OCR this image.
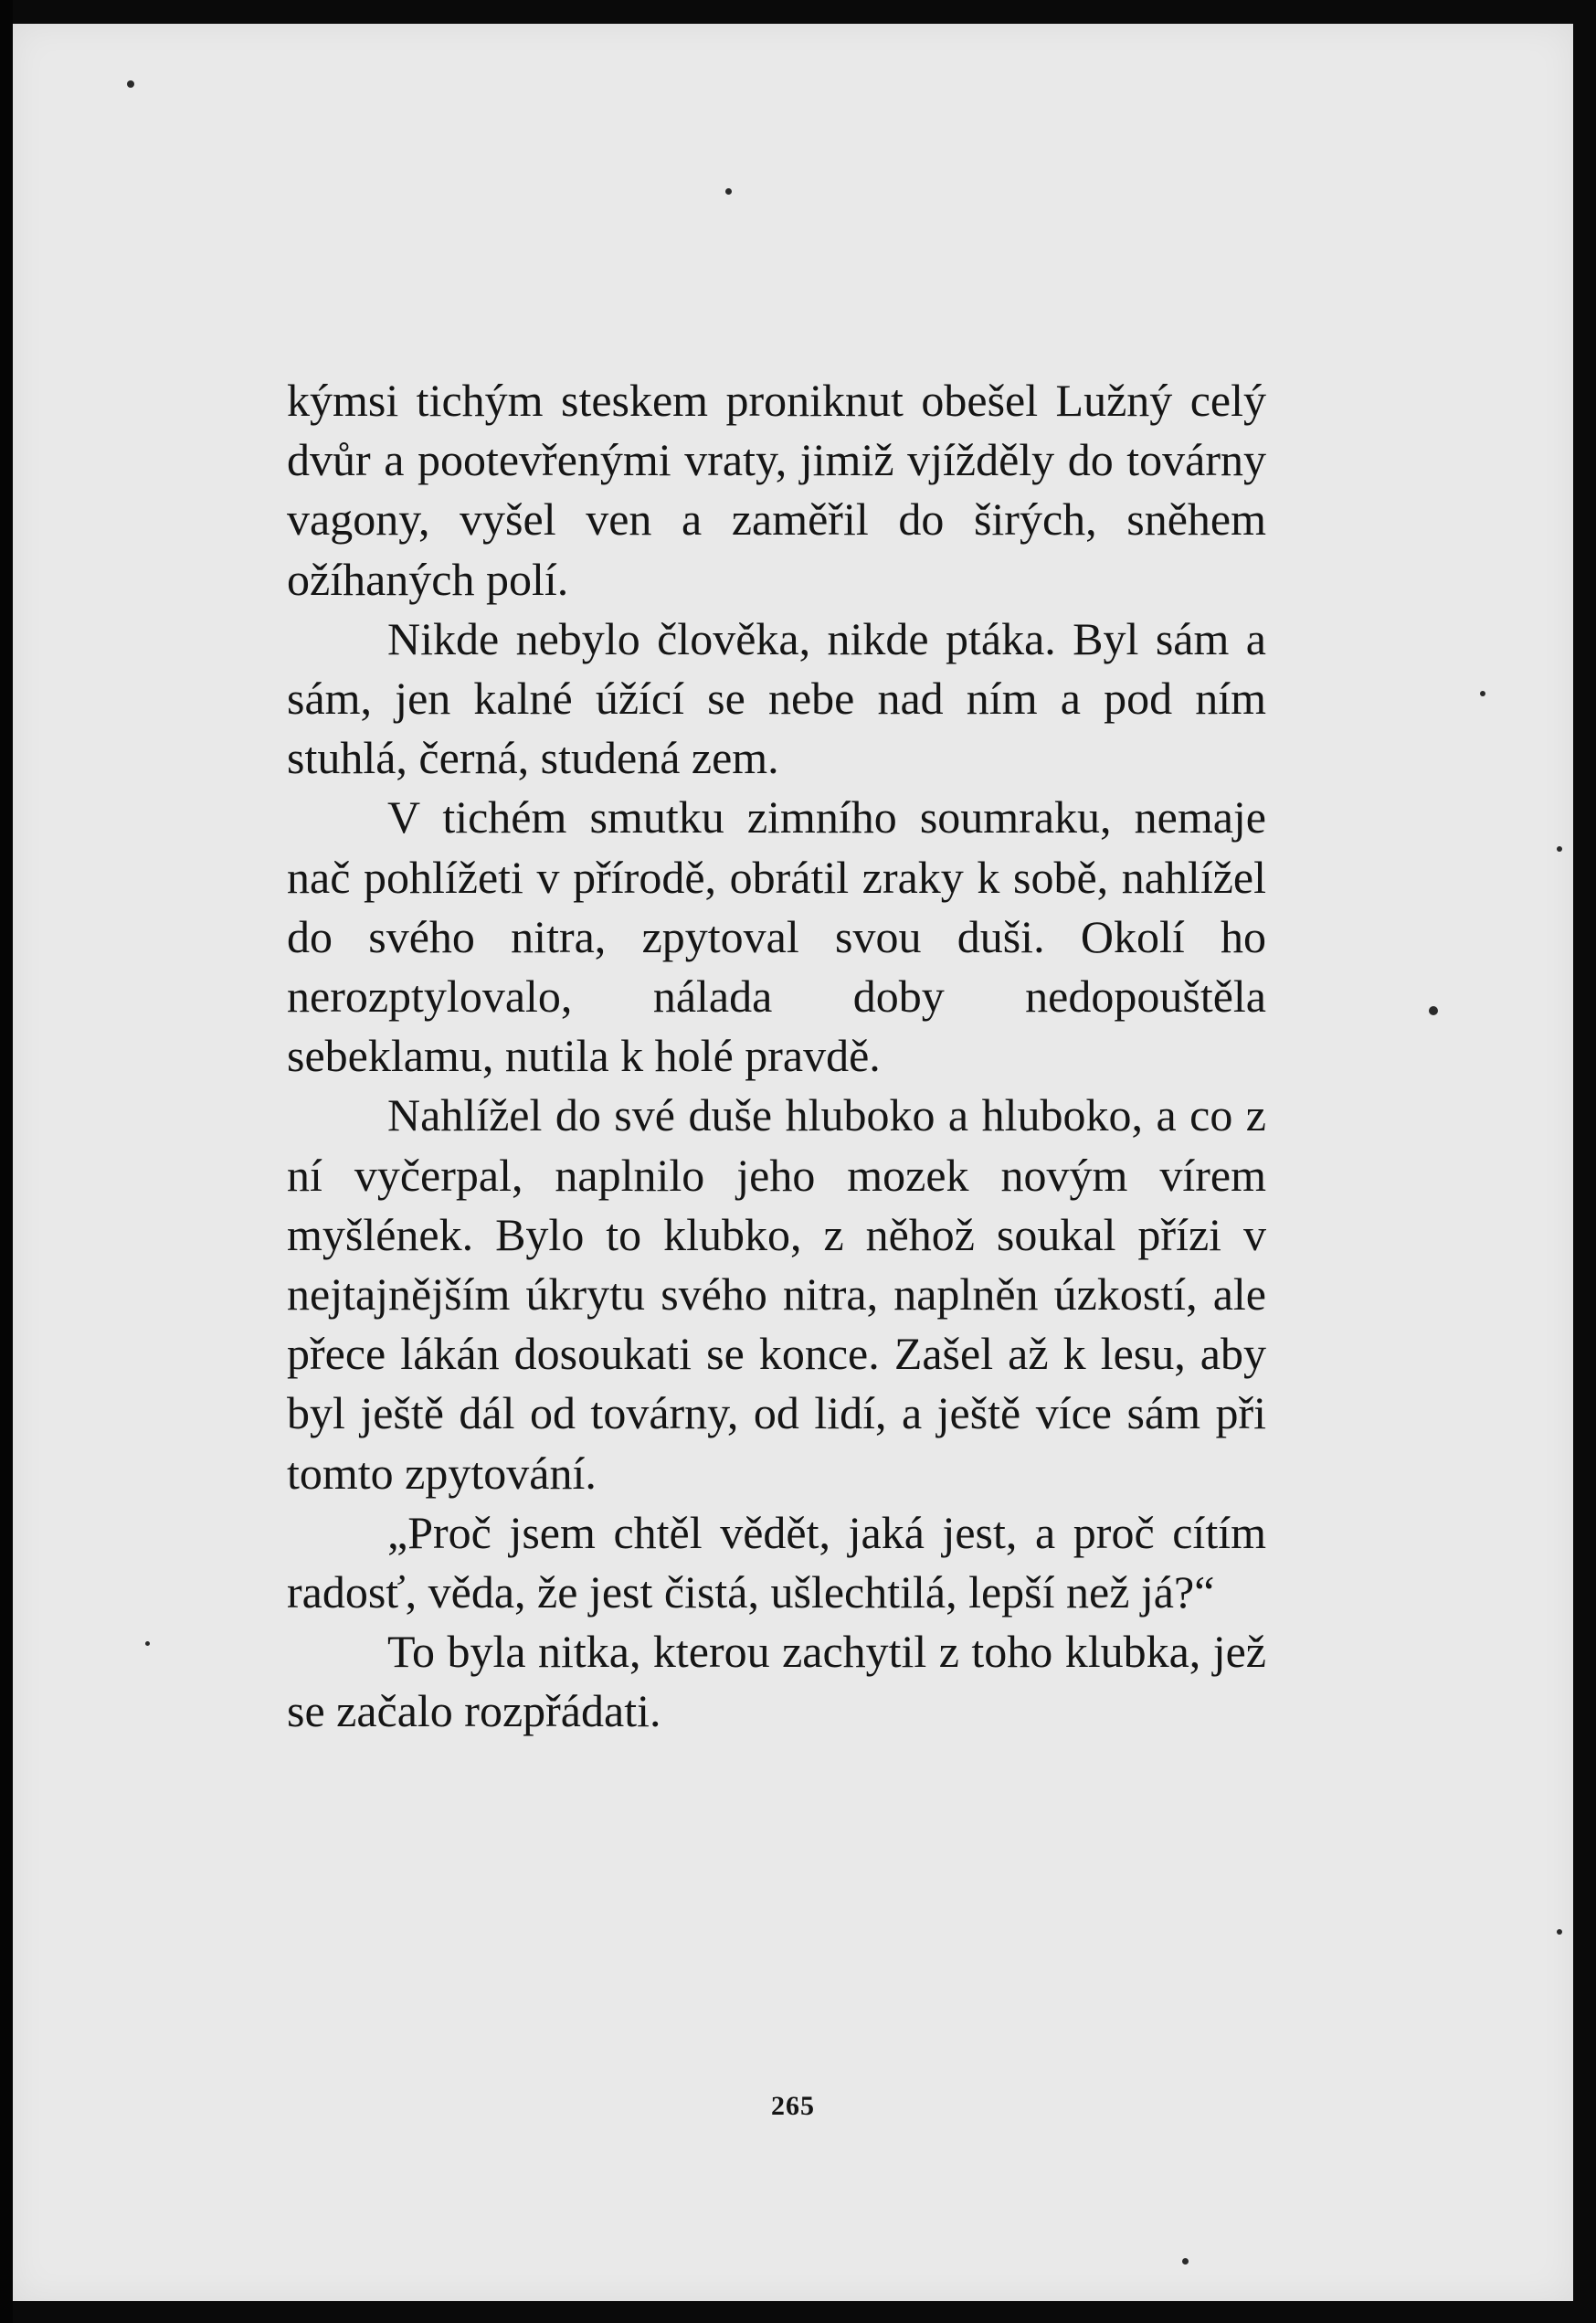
kýmsi tichým steskem proniknut obešel Lužný celý dvůr a pootevřenými vraty, jimiž vjížděly do továrny vagony, vyšel ven a zaměřil do širých, sněhem ožíhaných polí.

Nikde nebylo člověka, nikde ptáka. Byl sám a sám, jen kalné úžící se nebe nad ním a pod ním stuhlá, černá, studená zem.

V tichém smutku zimního soumraku, nemaje nač pohlížeti v přírodě, obrátil zraky k sobě, nahlížel do svého nitra, zpytoval svou duši. Okolí ho nerozptylovalo, nálada doby nedopouštěla sebeklamu, nutila k holé pravdě.

Nahlížel do své duše hluboko a hluboko, a co z ní vyčerpal, naplnilo jeho mozek novým vírem myšlének. Bylo to klubko, z něhož soukal přízi v nejtajnějším úkrytu svého nitra, naplněn úzkostí, ale přece lákán dosoukati se konce. Zašel až k lesu, aby byl ještě dál od továrny, od lidí, a ještě více sám při tomto zpytování.

„Proč jsem chtěl vědět, jaká jest, a proč cítím radosť, věda, že jest čistá, ušlechtilá, lepší než já?“

To byla nitka, kterou zachytil z toho klubka, jež se začalo rozpřádati.

265
